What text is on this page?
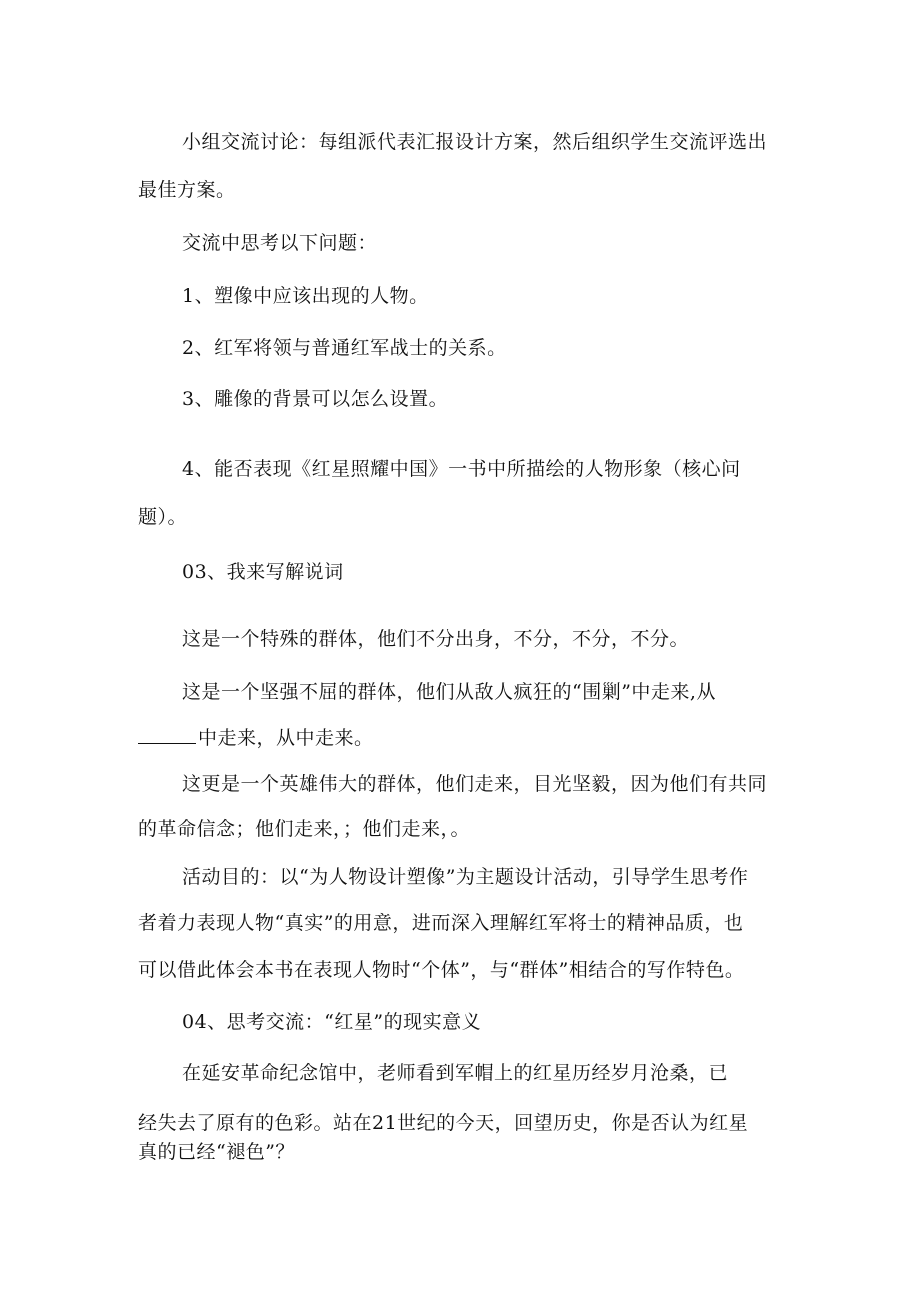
小组交流讨论：每组派代表汇报设计方案，然后组织学生交流评选出
最佳方案。
交流中思考以下问题：
1、塑像中应该出现的人物。
2、红军将领与普通红军战士的关系。
3、雕像的背景可以怎么设置。
4、能否表现《红星照耀中国》一书中所描绘的人物形象（核心问
题）。
03、我来写解说词
这是一个特殊的群体，他们不分出身，不分，不分，不分。
这是一个坚强不屈的群体，他们从敌人疯狂的“围剿”中走来,从
中走来，从中走来。
这更是一个英雄伟大的群体，他们走来，目光坚毅，因为他们有共同
的革命信念；他们走来，；他们走来，。
活动目的：以“为人物设计塑像”为主题设计活动，引导学生思考作
者着力表现人物“真实”的用意，进而深入理解红军将士的精神品质，也
可以借此体会本书在表现人物时“个体”，与“群体”相结合的写作特色。
04、思考交流：“红星”的现实意义
在延安革命纪念馆中，老师看到军帽上的红星历经岁月沧桑，已
经失去了原有的色彩。站在21世纪的今天，回望历史，你是否认为红星
真的已经“褪色”？
